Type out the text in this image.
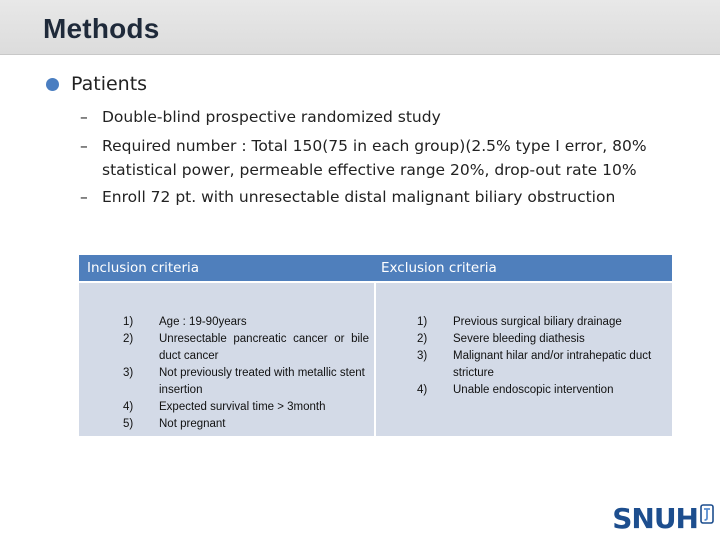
Methods
Patients
– Double-blind prospective randomized study
– Required number : Total 150(75 in each group)(2.5% type I error, 80% statistical power, permeable effective range 20%, drop-out rate 10%
– Enroll 72 pt. with unresectable distal malignant biliary obstruction
Inclusion criteria	Exclusion criteria
1) Age : 19-90years
2) Unresectable pancreatic cancer or bile duct cancer
3) Not previously treated with metallic stent insertion
4) Expected survival time > 3month
5) Not pregnant
1) Previous surgical biliary drainage
2) Severe bleeding diathesis
3) Malignant hilar and/or intrahepatic duct stricture
4) Unable endoscopic intervention
SNUH
